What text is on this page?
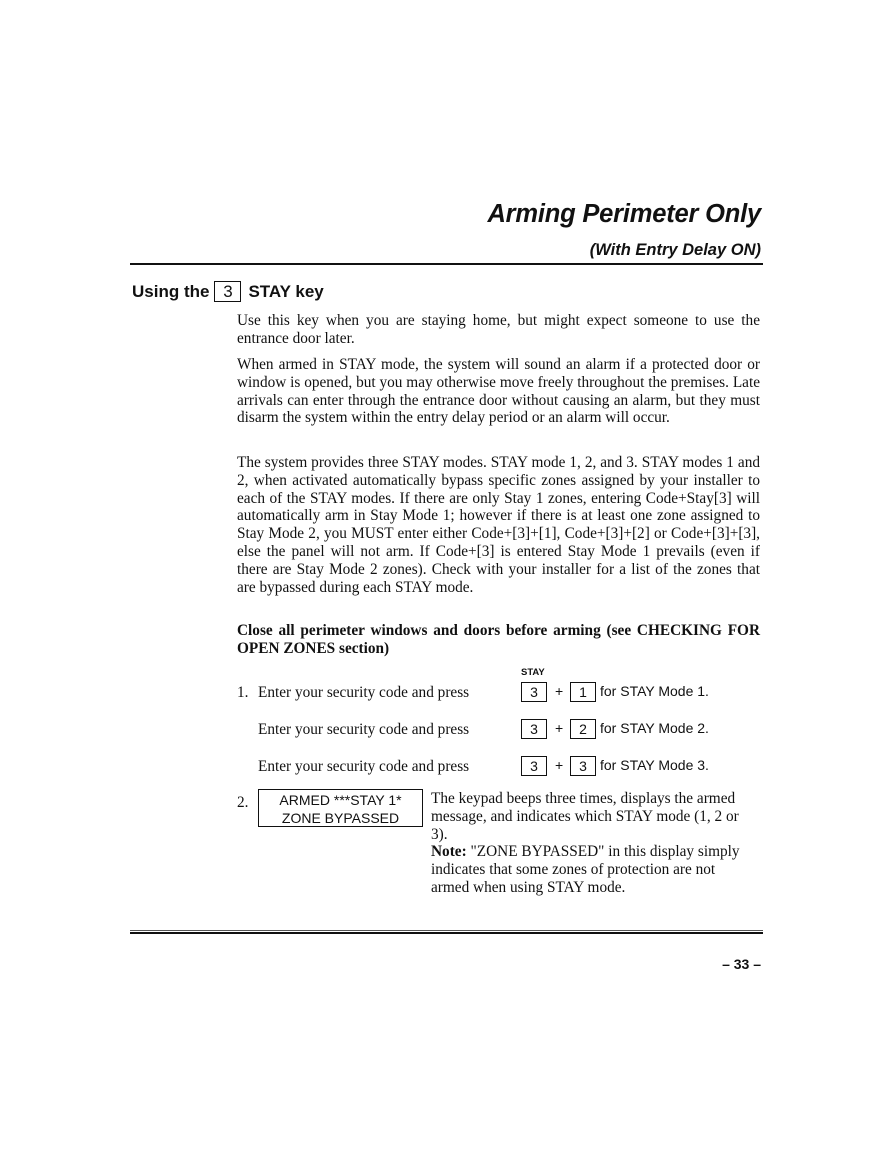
Arming Perimeter Only
(With Entry Delay ON)
Using the 3 STAY key

Use this key when you are staying home, but might expect someone to use the entrance door later.

When armed in STAY mode, the system will sound an alarm if a protected door or window is opened, but you may otherwise move freely throughout the premises. Late arrivals can enter through the entrance door without causing an alarm, but they must disarm the system within the entry delay period or an alarm will occur.

The system provides three STAY modes. STAY mode 1, 2, and 3. STAY modes 1 and 2, when activated automatically bypass specific zones assigned by your installer to each of the STAY modes. If there are only Stay 1 zones, entering Code+Stay[3] will automatically arm in Stay Mode 1; however if there is at least one zone assigned to Stay Mode 2, you MUST enter either Code+[3]+[1], Code+[3]+[2] or Code+[3]+[3], else the panel will not arm. If Code+[3] is entered Stay Mode 1 prevails (even if there are Stay Mode 2 zones). Check with your installer for a list of the zones that are bypassed during each STAY mode.

Close all perimeter windows and doors before arming (see CHECKING FOR OPEN ZONES section)

STAY
1. Enter your security code and press	3	+	1 for STAY Mode 1.
Enter your security code and press	3	+	2 for STAY Mode 2.
Enter your security code and press	3	+	3 for STAY Mode 3.
2.	ARMED ***STAY 1*
ZONE BYPASSED
The keypad beeps three times, displays the armed message, and indicates which STAY mode (1, 2 or 3).
Note: "ZONE BYPASSED" in this display simply indicates that some zones of protection are not armed when using STAY mode.
– 33 –
